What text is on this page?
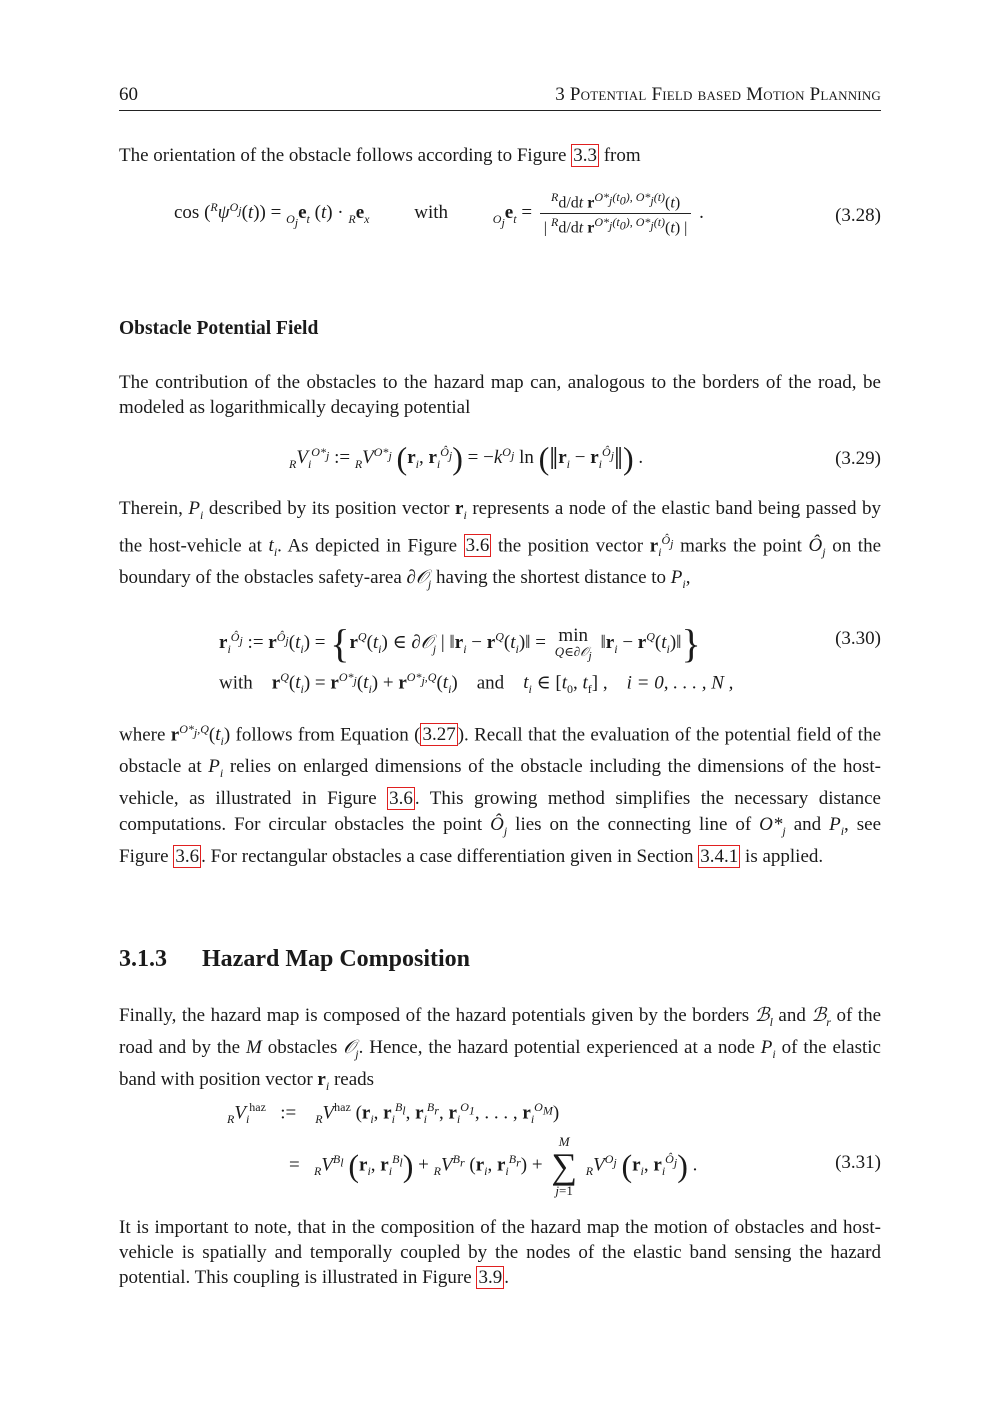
60	3 Potential Field based Motion Planning

The orientation of the obstacle follows according to Figure 3.3 from

$\cos (^R\psi^{O_j}(t)) = _{O_j}e_t$ $(t) \cdot _Re_x$ with	$_{O_j}e_t = \frac{^Rd/dt r^{O*_j(t_0), O*_j(t)}(t)}{| ^Rd/dt r^{O*_j(t_0), O*_j(t)}(t) |}$ .	(3.28)
Obstacle Potential Field

The contribution of the obstacles to the hazard map can, analogous to the borders of the road, be modeled as logarithmically decaying potential

$_RV_i^{O*_j}$ := $_RV^{O*_j}$ ($r_i$, $r_i^{Ô_j}) = -k^{O_j}$ $\ln (‖r_i$ − $r_i^{Ô_j}‖$) .	(3.29)

Therein, $P_i$ described by its position vector $r_i$ represents a node of the elastic band being passed by the host-vehicle at $t_i$. As depicted in Figure 3.6 the position vector $r_i^{Ô_j}$ marks the point $Ô_j$ on the boundary of the obstacles safety-area ∂𝒪$_j$ having the shortest distance to $P_i$,

$r_i^{Ô_j}$ := $r^{Ô_j}(t_i) = \{r^Q(t_i)$ ∈ ∂𝒪$_j$ | $‖r_i$ − $r^Q(t_i)‖ = \min$
Q∈∂𝒪$_j$
$‖r_i$ − $r^Q(t_i)‖$}	(3.30)
with $r^Q(t_i) = r^{O*_j}(t_i) + r^{O*_j,Q}(t_i)$    and $t_i$ ∈ [$t_0$, $t_f$] ,    i = 0, . . . , N ,

where $r^{O*_j,Q}(t_i)$ follows from Equation ( 3.27 ). Recall that the evaluation of the potential field of the obstacle at $P_i$ relies on enlarged dimensions of the obstacle including the dimensions of the host-vehicle, as illustrated in Figure 3.6 . This growing method simplifies the necessary distance computations. For circular obstacles the point $Ô_j$ lies on the connecting line of $O*_j$ and $P_i$, see Figure 3.6 . For rectangular obstacles a case differentiation given in Section 3.4.1 is applied.

3.1.3 Hazard Map Composition

Finally, the hazard map is composed of the hazard potentials given by the borders ℬ$_l$ and ℬ$_r$ of the road and by the M obstacles 𝒪$_j$. Hence, the hazard potential experienced at a node $P_i$ of the elastic band with position vector $r_i$ reads

$_RV_i^{haz}$   :=    $_RV^{haz}$ ($r_i$, $r_i^{B_l}$, $r_i^{B_r}$, $r_i^{O_1}$, . . . , $r_i^{O_M}$)
=   $_RV^{B_l}$ ($r_i$, $r_i^{B_l}) + _RV^{B_r}$ ($r_i$, $r_i^{B_r}$) +
M
∑
j=1
$_RV^{O_j}$ ($r_i$, $r_i^{Ô_j}$) .	(3.31)

It is important to note, that in the composition of the hazard map the motion of obstacles and host-vehicle is spatially and temporally coupled by the nodes of the elastic band sensing the hazard potential. This coupling is illustrated in Figure 3.9 .
